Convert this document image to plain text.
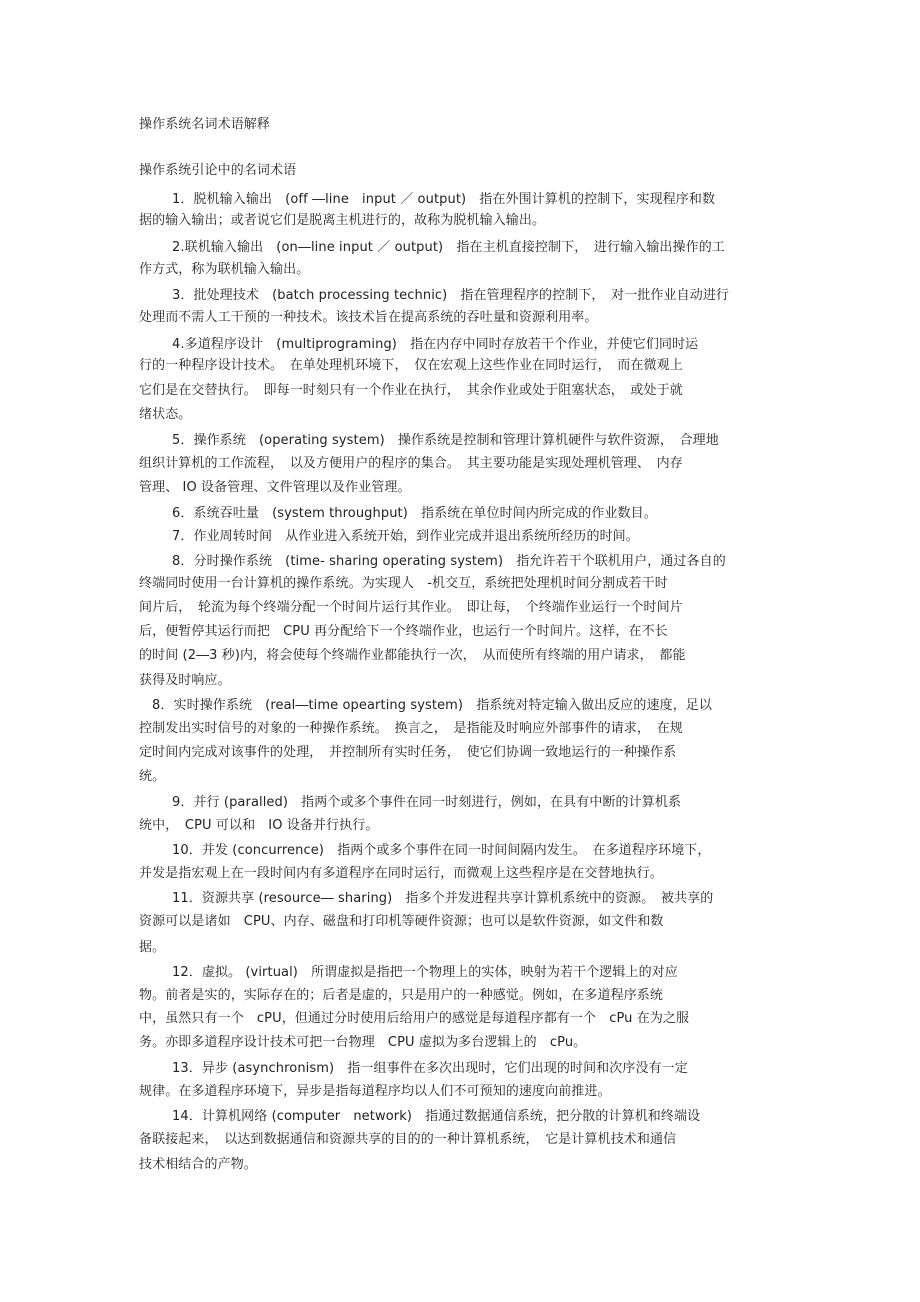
操作系统名词术语解释
操作系统引论中的名词术语
1．脱机输入输出　(off ―line　input ／ output)　指在外围计算机的控制下，实现程序和数
据的输入输出；或者说它们是脱离主机进行的，故称为脱机输入输出。
2.联机输入输出　(on―line input ／ output)　指在主机直接控制下，　进行输入输出操作的工
作方式，称为联机输入输出。
3．批处理技术　(batch processing technic)　指在管理程序的控制下，　对一批作业自动进行
处理而不需人工干预的一种技术。该技术旨在提高系统的吞吐量和资源利用率。
4.多道程序设计　(multiprograming)　指在内存中同时存放若干个作业，并使它们同时运
行的一种程序设计技术。　在单处理机环境下，　仅在宏观上这些作业在同时运行，　而在微观上
它们是在交替执行。　即每一时刻只有一个作业在执行，　其余作业或处于阻塞状态，　或处于就
绪状态。
5．操作系统　(operating system)　操作系统是控制和管理计算机硬件与软件资源，　合理地
组织计算机的工作流程，　以及方便用户的程序的集合。　其主要功能是实现处理机管理、　内存
管理、 IO 设备管理、文件管理以及作业管理。
6．系统吞吐量　(system throughput)　指系统在单位时间内所完成的作业数目。
7．作业周转时间　从作业进入系统开始，到作业完成并退出系统所经历的时间。
8．分时操作系统　(time- sharing operating system)　指允许若干个联机用户，通过各自的
终端同时使用一台计算机的操作系统。为实现人　-机交互，系统把处理机时间分割成若干时
间片后，　轮流为每个终端分配一个时间片运行其作业。　即让每，　个终端作业运行一个时间片
后，便暂停其运行而把　CPU 再分配给下一个终端作业，也运行一个时间片。这样，在不长
的时间 (2―3 秒)内，将会使每个终端作业都能执行一次，　从而使所有终端的用户请求，　都能
获得及时响应。
8．实时操作系统　(real―time opearting system)　指系统对特定输入做出反应的速度，足以
控制发出实时信号的对象的一种操作系统。　换言之，　是指能及时响应外部事件的请求，　在规
定时间内完成对该事件的处理，　并控制所有实时任务，　使它们协调一致地运行的一种操作系
统。
9．并行 (paralled)　指两个或多个事件在同一时刻进行，例如，在具有中断的计算机系
统中，　CPU 可以和　IO 设备并行执行。
10．并发 (concurrence)　指两个或多个事件在同一时间间隔内发生。　在多道程序环境下，
并发是指宏观上在一段时间内有多道程序在同时运行，而微观上这些程序是在交替地执行。
11．资源共享 (resource― sharing)　指多个并发进程共享计算机系统中的资源。　被共享的
资源可以是诸如　CPU、内存、磁盘和打印机等硬件资源；也可以是软件资源，如文件和数
据。
12．虚拟。 (virtual)　所谓虚拟是指把一个物理上的实体，映射为若干个逻辑上的对应
物。前者是实的，实际存在的；后者是虚的，只是用户的一种感觉。例如，在多道程序系统
中，虽然只有一个　cPU，但通过分时使用后给用户的感觉是每道程序都有一个　cPu 在为之服
务。亦即多道程序设计技术可把一台物理　CPU 虚拟为多台逻辑上的　cPu。
13．异步 (asynchronism)　指一组事件在多次出现时，它们出现的时间和次序没有一定
规律。在多道程序环境下，异步是指每道程序均以人们不可预知的速度向前推进。
14．计算机网络 (computer　network)　指通过数据通信系统，把分散的计算机和终端设
备联接起来，　以达到数据通信和资源共享的目的的一种计算机系统，　它是计算机技术和通信
技术相结合的产物。
